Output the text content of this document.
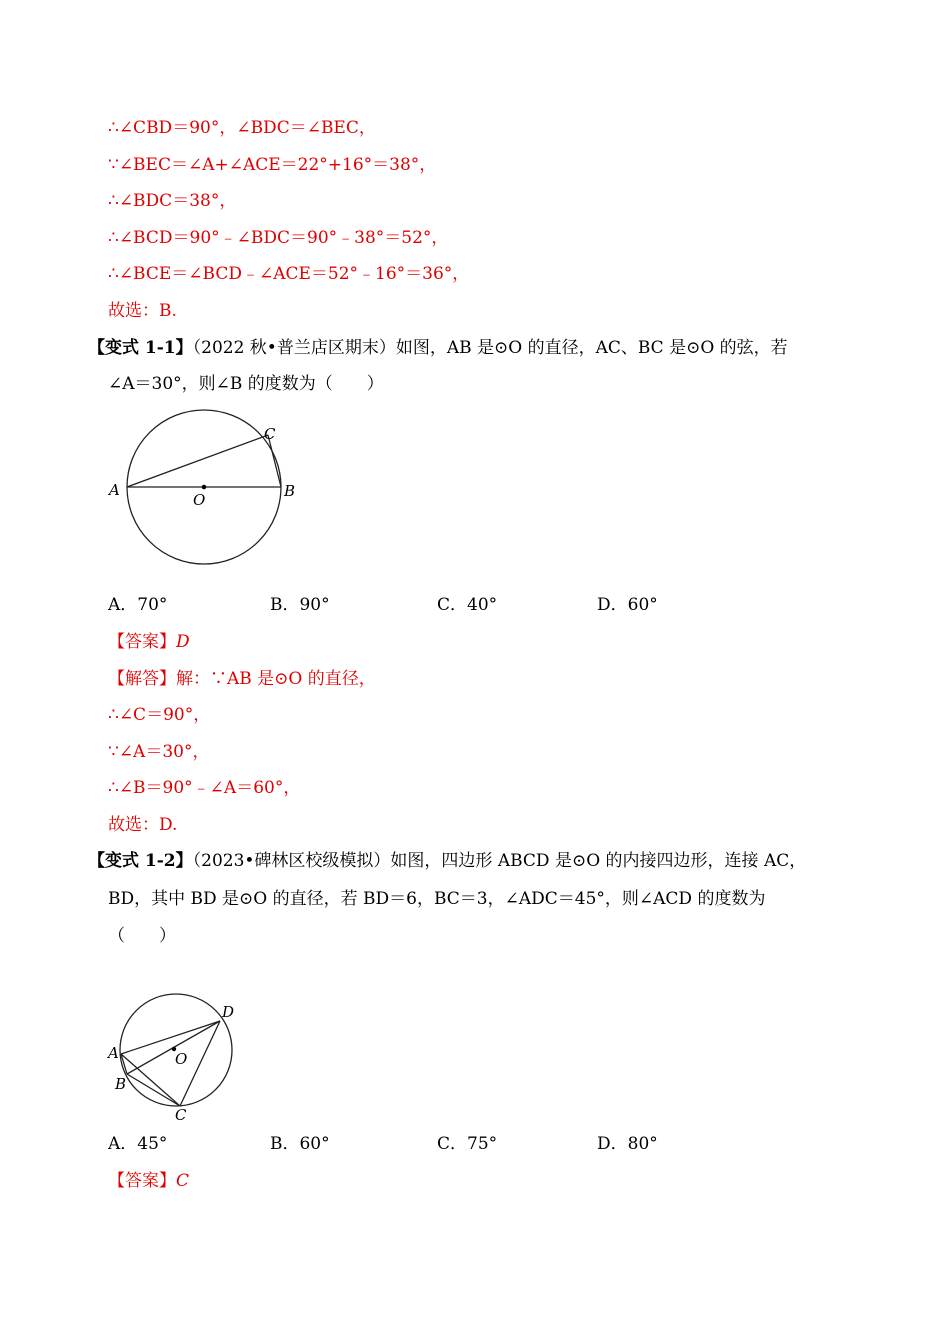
∴∠CBD＝90°，∠BDC＝∠BEC，
∵∠BEC＝∠A+∠ACE＝22°+16°＝38°，
∴∠BDC＝38°，
∴∠BCD＝90°﹣∠BDC＝90°﹣38°＝52°，
∴∠BCE＝∠BCD﹣∠ACE＝52°﹣16°＝36°，
故选：B.
【变式 1-1】（2022 秋•普兰店区期末）如图，AB 是⊙O 的直径，AC、BC 是⊙O 的弦，若
∠A＝30°，则∠B 的度数为（　　）
A	B
C
O
A．70°	B．90°	C．40°	D．60°
【答案】D
【解答】解：∵AB 是⊙O 的直径，
∴∠C＝90°，
∵∠A＝30°，
∴∠B＝90°﹣∠A＝60°，
故选：D.
【变式 1-2】（2023•碑林区校级模拟）如图，四边形 ABCD 是⊙O 的内接四边形，连接 AC，
BD，其中 BD 是⊙O 的直径，若 BD＝6，BC＝3，∠ADC＝45°，则∠ACD 的度数为
（　　）
A
B
C
D
O
A．45°	B．60°	C．75°	D．80°
【答案】C
